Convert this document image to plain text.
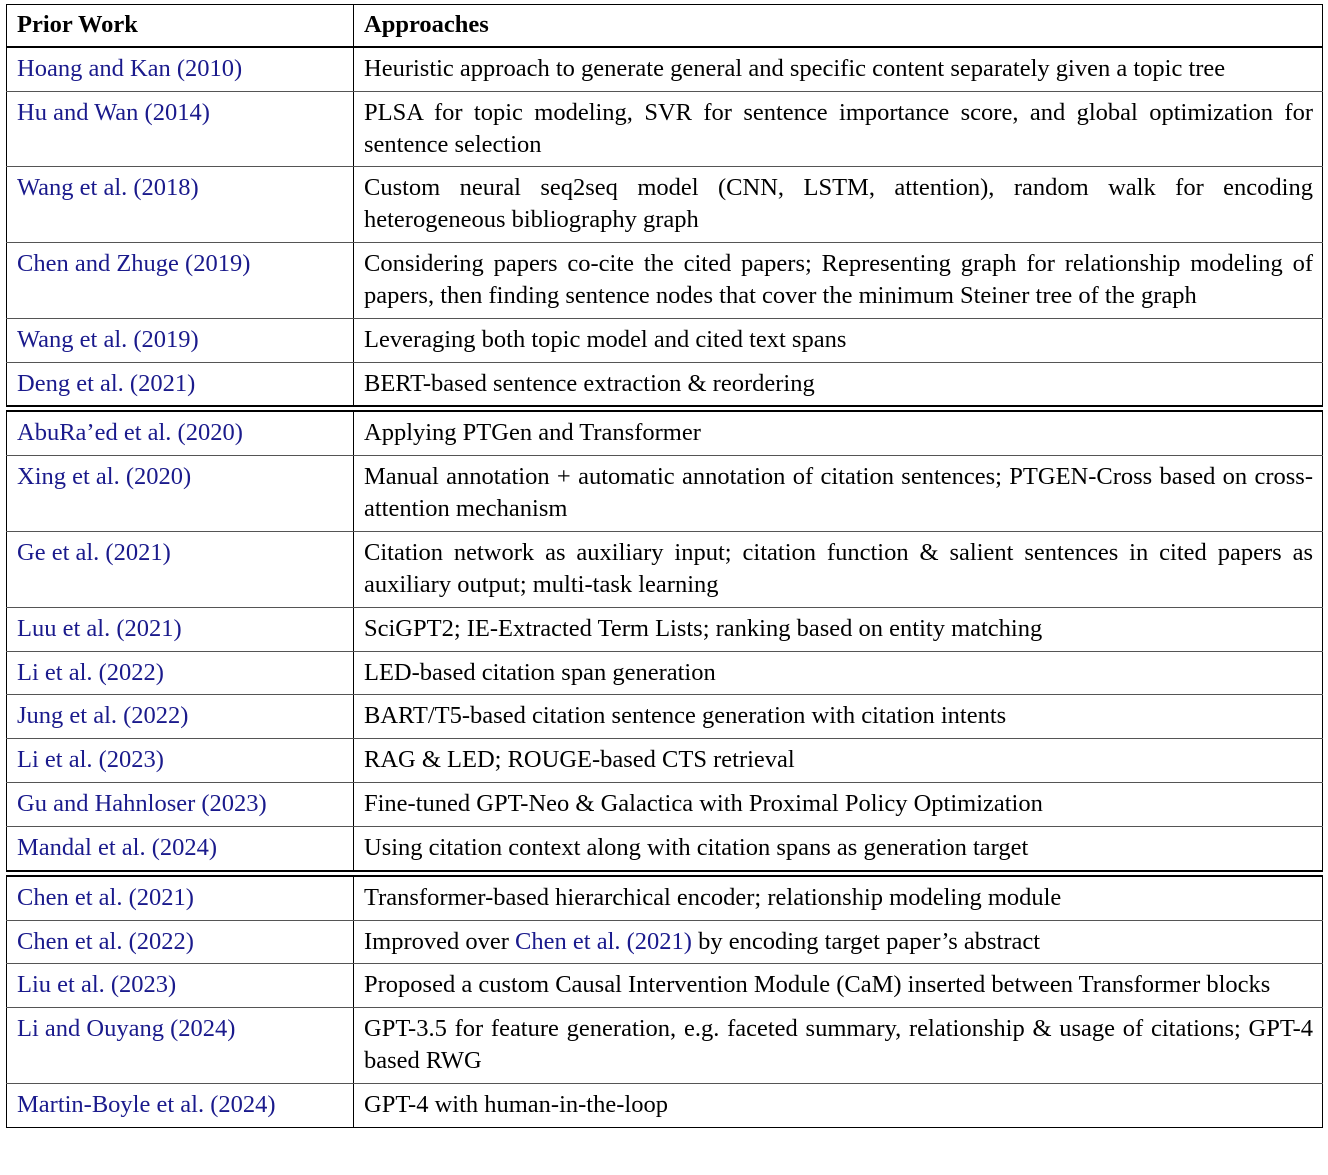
Prior Work	Approaches
Hoang and Kan (2010)	Heuristic approach to generate general and specific content separately given a topic tree
Hu and Wan (2014)	PLSA for topic modeling, SVR for sentence importance score, and global optimization for sentence selection
Wang et al. (2018)	Custom neural seq2seq model (CNN, LSTM, attention), random walk for encoding heterogeneous bibliography graph
Chen and Zhuge (2019)	Considering papers co-cite the cited papers; Representing graph for relationship modeling of papers, then finding sentence nodes that cover the minimum Steiner tree of the graph
Wang et al. (2019)	Leveraging both topic model and cited text spans
Deng et al. (2021)	BERT-based sentence extraction & reordering

AbuRa’ed et al. (2020)	Applying PTGen and Transformer
Xing et al. (2020)	Manual annotation + automatic annotation of citation sentences; PTGEN-Cross based on cross-attention mechanism
Ge et al. (2021)	Citation network as auxiliary input; citation function & salient sentences in cited papers as auxiliary output; multi-task learning
Luu et al. (2021)	SciGPT2; IE-Extracted Term Lists; ranking based on entity matching
Li et al. (2022)	LED-based citation span generation
Jung et al. (2022)	BART/T5-based citation sentence generation with citation intents
Li et al. (2023)	RAG & LED; ROUGE-based CTS retrieval
Gu and Hahnloser (2023)	Fine-tuned GPT-Neo & Galactica with Proximal Policy Optimization
Mandal et al. (2024)	Using citation context along with citation spans as generation target

Chen et al. (2021)	Transformer-based hierarchical encoder; relationship modeling module
Chen et al. (2022)	Improved over Chen et al. (2021) by encoding target paper’s abstract
Liu et al. (2023)	Proposed a custom Causal Intervention Module (CaM) inserted between Transformer blocks
Li and Ouyang (2024)	GPT-3.5 for feature generation, e.g. faceted summary, relationship & usage of citations; GPT-4 based RWG
Martin-Boyle et al. (2024)	GPT-4 with human-in-the-loop
